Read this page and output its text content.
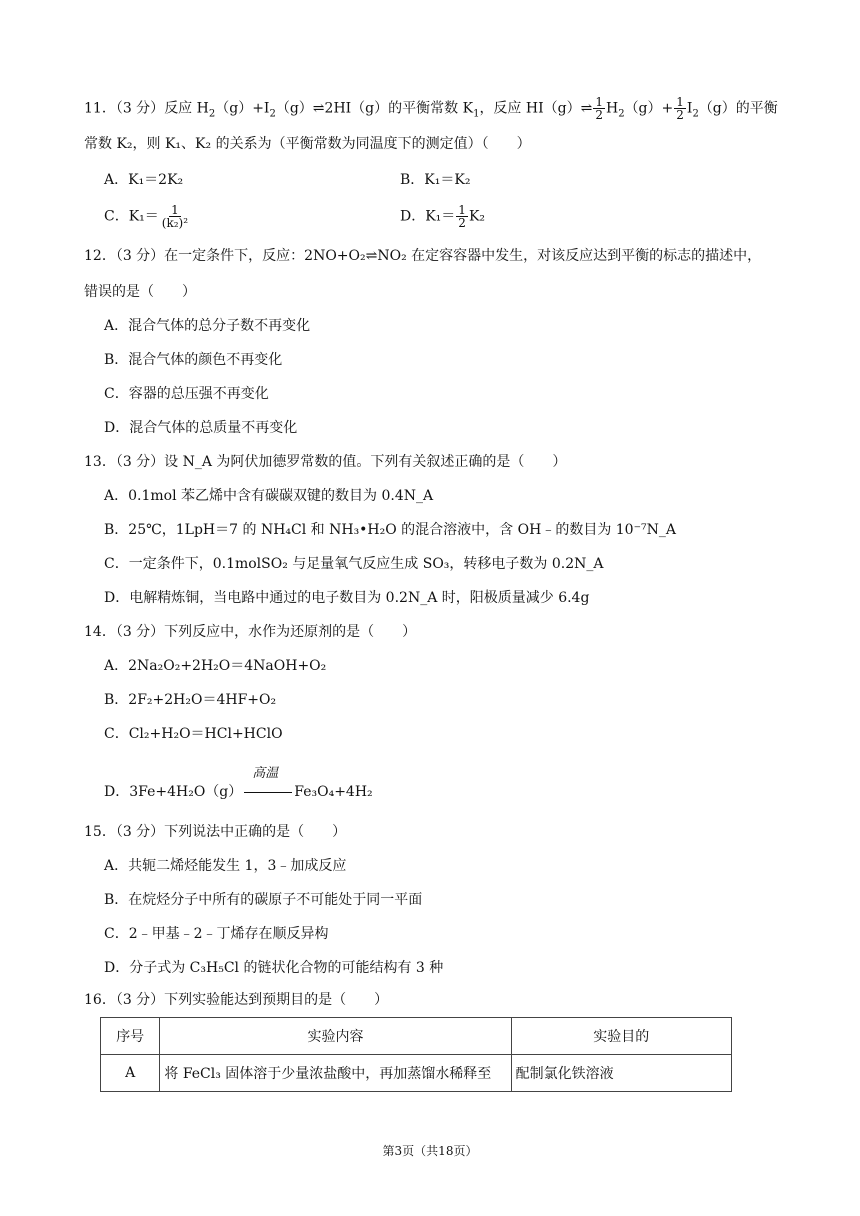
11．（3 分）反应 $H_2(g)+I_2(g)\rightleftharpoons 2HI(g)$的平衡常数 $K_1$，反应 HI（g）⇌ $\frac{1}{2} H_2(g)+ \frac{1}{2} I_2(g)$的平衡
常数 K₂，则 K₁、K₂ 的关系为（平衡常数为同温度下的测定值）（　　）
A．K₁＝2K₂	B．K₁＝K₂
C．$K_1= \frac{1}{\text{(k₂)²}}$	D．$K_1= \frac{1}{2} K_2$
12．（3 分）在一定条件下，反应：2NO+O₂⇌NO₂ 在定容容器中发生，对该反应达到平衡的标志的描述中，
错误的是（　　）
A．混合气体的总分子数不再变化
B．混合气体的颜色不再变化
C．容器的总压强不再变化
D．混合气体的总质量不再变化
13．（3 分）设 N_A 为阿伏加德罗常数的值。下列有关叙述正确的是（　　）
A．0.1mol 苯乙烯中含有碳碳双键的数目为 0.4N_A
B．25℃，1LpH＝7 的 NH₄Cl 和 NH₃•H₂O 的混合溶液中，含 OH﹣的数目为 10⁻⁷N_A
C．一定条件下，0.1molSO₂ 与足量氧气反应生成 SO₃，转移电子数为 0.2N_A
D．电解精炼铜，当电路中通过的电子数目为 0.2N_A 时，阳极质量减少 6.4g
14．（3 分）下列反应中，水作为还原剂的是（　　）
A．2Na₂O₂+2H₂O＝4NaOH+O₂
B．2F₂+2H₂O＝4HF+O₂
C．Cl₂+H₂O＝HCl+HClO
D．3Fe+4H₂O（g）
高温
Fe₃O₄+4H₂
15．（3 分）下列说法中正确的是（　　）
A．共轭二烯烃能发生 1，3﹣加成反应
B．在烷烃分子中所有的碳原子不可能处于同一平面
C．2﹣甲基﹣2﹣丁烯存在顺反异构
D．分子式为 C₃H₅Cl 的链状化合物的可能结构有 3 种
16．（3 分）下列实验能达到预期目的是（　　）
序号	实验内容	实验目的
A	将 FeCl₃ 固体溶于少量浓盐酸中，再加蒸馏水稀释至	配制氯化铁溶液
第3页（共18页）
